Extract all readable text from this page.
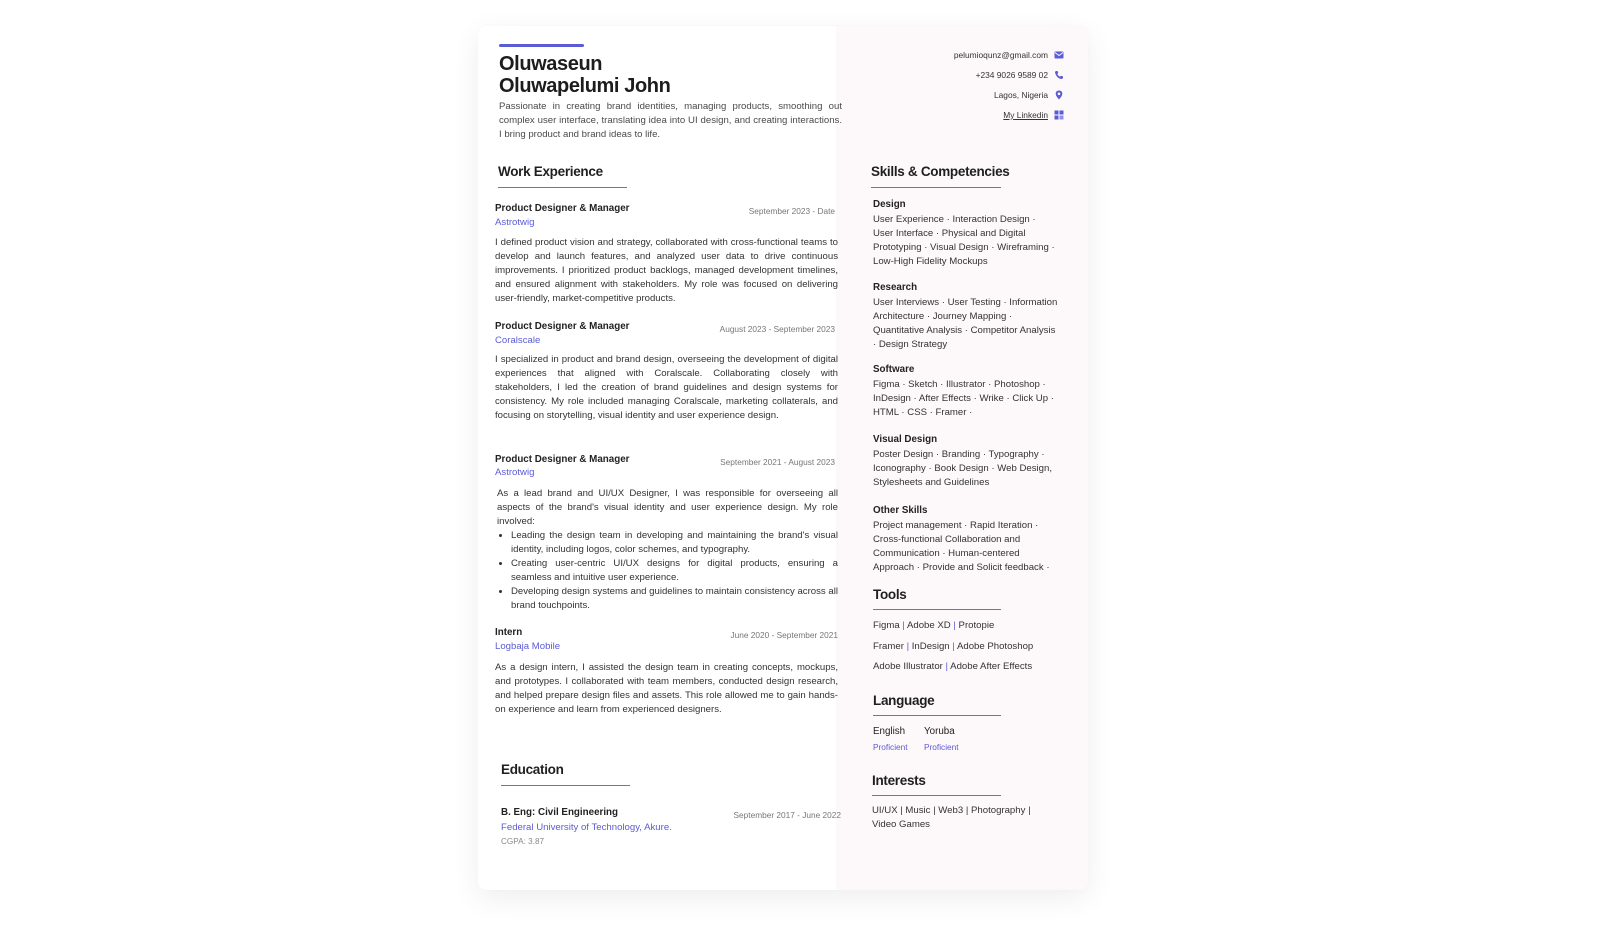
Oluwaseun
Oluwapelumi John
Passionate in creating brand identities, managing products, smoothing out complex user interface, translating idea into UI design, and creating interactions. I bring product and brand ideas to life.
pelumioqunz@gmail.com
+234 9026 9589 02
Lagos, Nigeria
My Linkedin
Work Experience
Product Designer & Manager	September 2023 - Date
Astrotwig
I defined product vision and strategy, collaborated with cross-functional teams to develop and launch features, and analyzed user data to drive continuous improvements. I prioritized product backlogs, managed development timelines, and ensured alignment with stakeholders. My role was focused on delivering user-friendly, market-competitive products.
Product Designer & Manager	August 2023 - September 2023
Coralscale
I specialized in product and brand design, overseeing the development of digital experiences that aligned with Coralscale. Collaborating closely with stakeholders, I led the creation of brand guidelines and design systems for consistency. My role included managing Coralscale, marketing collaterals, and focusing on storytelling, visual identity and user experience design.
Product Designer & Manager	September 2021 - August 2023
Astrotwig
As a lead brand and UI/UX Designer, I was responsible for overseeing all aspects of the brand's visual identity and user experience design. My role involved:
• Leading the design team in developing and maintaining the brand's visual identity, including logos, color schemes, and typography.
• Creating user-centric UI/UX designs for digital products, ensuring a seamless and intuitive user experience.
• Developing design systems and guidelines to maintain consistency across all brand touchpoints.
Intern	June 2020 - September 2021
Logbaja Mobile
As a design intern, I assisted the design team in creating concepts, mockups, and prototypes. I collaborated with team members, conducted design research, and helped prepare design files and assets. This role allowed me to gain hands-on experience and learn from experienced designers.
Education
B. Eng: Civil Engineering	September 2017 - June 2022
Federal University of Technology, Akure.
CGPA: 3.87
Skills & Competencies
Design
User Experience · Interaction Design · User Interface · Physical and Digital Prototyping · Visual Design · Wireframing · Low-High Fidelity Mockups
Research
User Interviews · User Testing · Information Architecture · Journey Mapping · Quantitative Analysis · Competitor Analysis · Design Strategy
Software
Figma · Sketch · Illustrator · Photoshop · InDesign · After Effects · Wrike · Click Up · HTML · CSS · Framer ·
Visual Design
Poster Design · Branding · Typography · Iconography · Book Design · Web Design, Stylesheets and Guidelines
Other Skills
Project management · Rapid Iteration · Cross-functional Collaboration and Communication · Human-centered Approach · Provide and Solicit feedback ·
Tools
Figma | Adobe XD | Protopie
Framer | InDesign | Adobe Photoshop
Adobe Illustrator | Adobe After Effects
Language
English
Proficient
Yoruba
Proficient
Interests
UI/UX | Music | Web3 | Photography | Video Games
